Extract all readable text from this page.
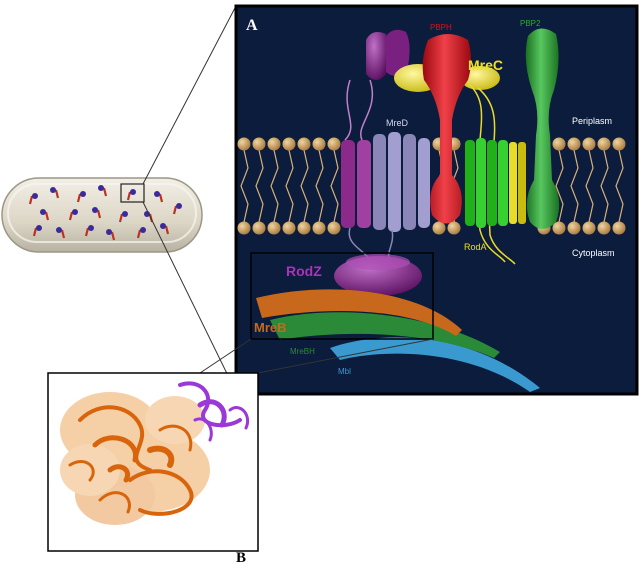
A	PBPH
MreC
PBP2
MreD	Periplasm
RodA
Cytoplasm
RodZ
MreB
MreBH
Mbl
B
